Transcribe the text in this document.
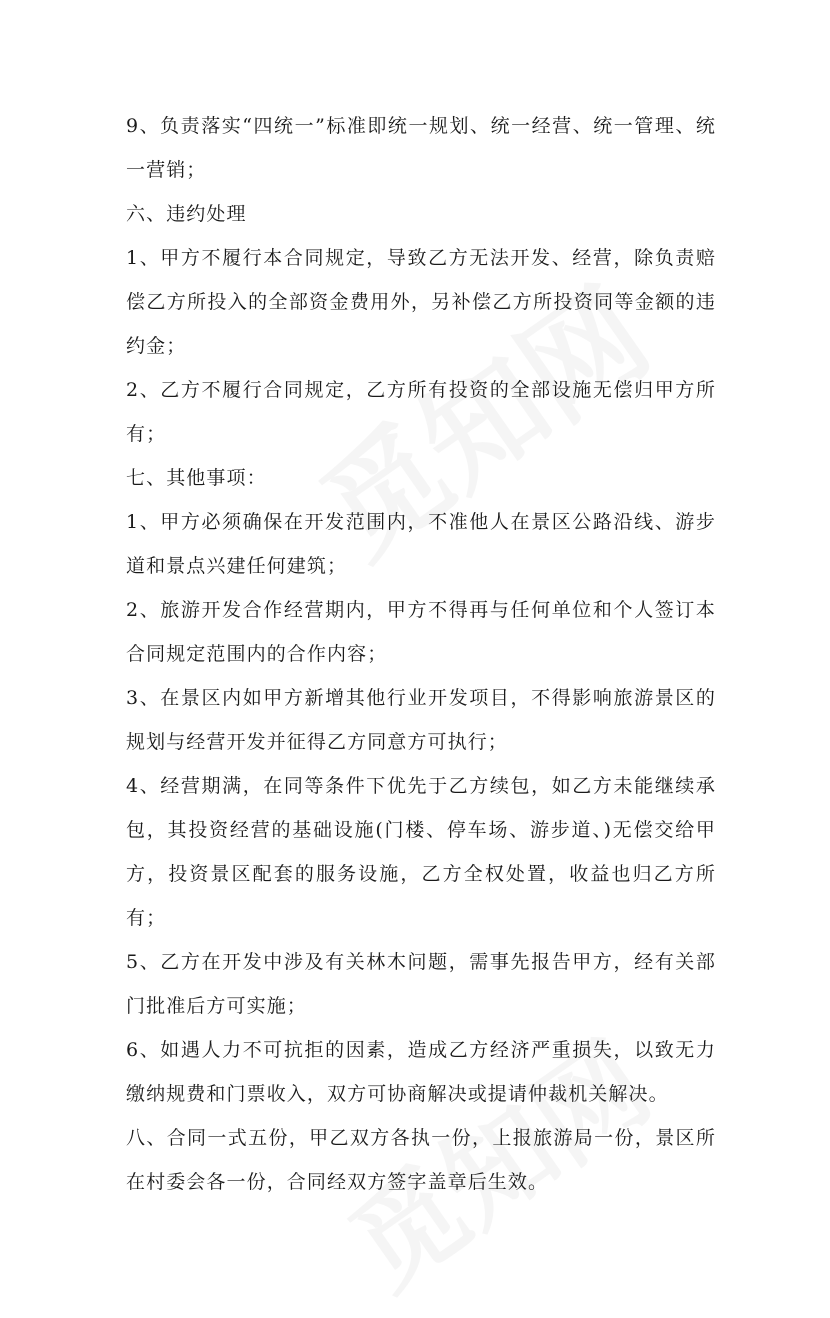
9、负责落实“四统一”标准即统一规划、统一经营、统一管理、统一营销；

六、违约处理

1、甲方不履行本合同规定，导致乙方无法开发、经营，除负责赔偿乙方所投入的全部资金费用外，另补偿乙方所投资同等金额的违约金；

2、乙方不履行合同规定，乙方所有投资的全部设施无偿归甲方所有；

七、其他事项：

1、甲方必须确保在开发范围内，不准他人在景区公路沿线、游步道和景点兴建任何建筑；

2、旅游开发合作经营期内，甲方不得再与任何单位和个人签订本合同规定范围内的合作内容；

3、在景区内如甲方新增其他行业开发项目，不得影响旅游景区的规划与经营开发并征得乙方同意方可执行；

4、经营期满，在同等条件下优先于乙方续包，如乙方未能继续承包，其投资经营的基础设施(门楼、停车场、游步道、)无偿交给甲方，投资景区配套的服务设施，乙方全权处置，收益也归乙方所有；

5、乙方在开发中涉及有关林木问题，需事先报告甲方，经有关部门批准后方可实施；

6、如遇人力不可抗拒的因素，造成乙方经济严重损失，以致无力缴纳规费和门票收入，双方可协商解决或提请仲裁机关解决。

八、合同一式五份，甲乙双方各执一份，上报旅游局一份，景区所在村委会各一份，合同经双方签字盖章后生效。
